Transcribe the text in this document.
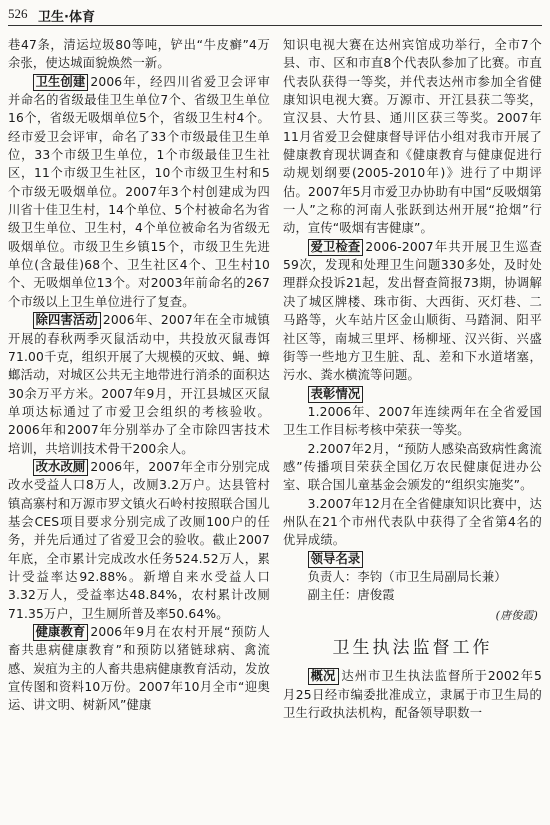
526 卫生·体育

巷47条，清运垃圾80等吨，铲出“牛皮癣”4万余张，使达城面貌焕然一新。

卫生创建 2006年，经四川省爱卫会评审并命名的省级最佳卫生单位7个、省级卫生单位16个，省级无吸烟单位5个，省级卫生村4个。经市爱卫会评审，命名了33个市级最佳卫生单位，33个市级卫生单位，1个市级最佳卫生社区，11个市级卫生社区，10个市级卫生村和5个市级无吸烟单位。2007年3个村创建成为四川省十佳卫生村，14个单位、5个村被命名为省级卫生单位、卫生村，4个单位被命名为省级无吸烟单位。市级卫生乡镇15个，市级卫生先进单位(含最佳)68个、卫生社区4个、卫生村10个、无吸烟单位13个。对2003年前命名的267个市级以上卫生单位进行了复查。

除四害活动 2006年、2007年在全市城镇开展的春秋两季灭鼠活动中，共投放灭鼠毒饵71.00千克，组织开展了大规模的灭蚊、蝇、蟑螂活动，对城区公共无主地带进行消杀的面积达30余万平方米。2007年9月，开江县城区灭鼠单项达标通过了市爱卫会组织的考核验收。2006年和2007年分别举办了全市除四害技术培训，共培训技术骨干200余人。

改水改厕 2006年，2007年全市分别完成改水受益人口8万人，改厕3.2万户。达县管村镇高寨村和万源市罗文镇火石岭村按照联合国儿基会CES项目要求分别完成了改厕100户的任务，并先后通过了省爱卫会的验收。截止2007年底，全市累计完成改水任务524.52万人，累计受益率达92.88%。新增自来水受益人口3.32万人，受益率达48.84%，农村累计改厕71.35万户，卫生厕所普及率50.64%。

健康教育 2006年9月在农村开展“预防人畜共患病健康教育”和预防以猪链球病、禽流感、炭疽为主的人畜共患病健康教育活动，发放宣传图和资料10万份。2007年10月全市“迎奥运、讲文明、树新风”健康

知识电视大赛在达州宾馆成功举行，全市7个县、市、区和市直8个代表队参加了比赛。市直代表队获得一等奖，并代表达州市参加全省健康知识电视大赛。万源市、开江县获二等奖，宣汉县、大竹县、通川区获三等奖。2007年11月省爱卫会健康督导评估小组对我市开展了健康教育现状调查和《健康教育与健康促进行动规划纲要(2005-2010年)》进行了中期评估。2007年5月市爱卫办协助有中国“反吸烟第一人”之称的河南人张跃到达州开展“抢烟”行动，宣传“吸烟有害健康”。

爱卫检查 2006-2007年共开展卫生巡查59次，发现和处理卫生问题330多处，及时处理群众投诉21起，发出督查简报73期，协调解决了城区牌楼、珠市街、大西街、灭灯巷、二马路等，火车站片区金山顺街、马踏洞、阳平社区等，南城三里坪、杨柳垭、汉兴街、兴盛街等一些地方卫生脏、乱、差和下水道堵塞，污水、粪水横流等问题。

表彰情况

1.2006年、2007年连续两年在全省爱国卫生工作目标考核中荣获一等奖。

2.2007年2月，“预防人感染高致病性禽流感”传播项目荣获全国亿万农民健康促进办公室、联合国儿童基金会颁发的“组织实施奖”。

3.2007年12月在全省健康知识比赛中，达州队在21个市州代表队中获得了全省第4名的优异成绩。

领导名录

负责人：李钧（市卫生局副局长兼）

副主任：唐俊霞

(唐俊霞)

卫生执法监督工作

概况 达州市卫生执法监督所于2002年5月25日经市编委批准成立，隶属于市卫生局的卫生行政执法机构，配备领导职数一
